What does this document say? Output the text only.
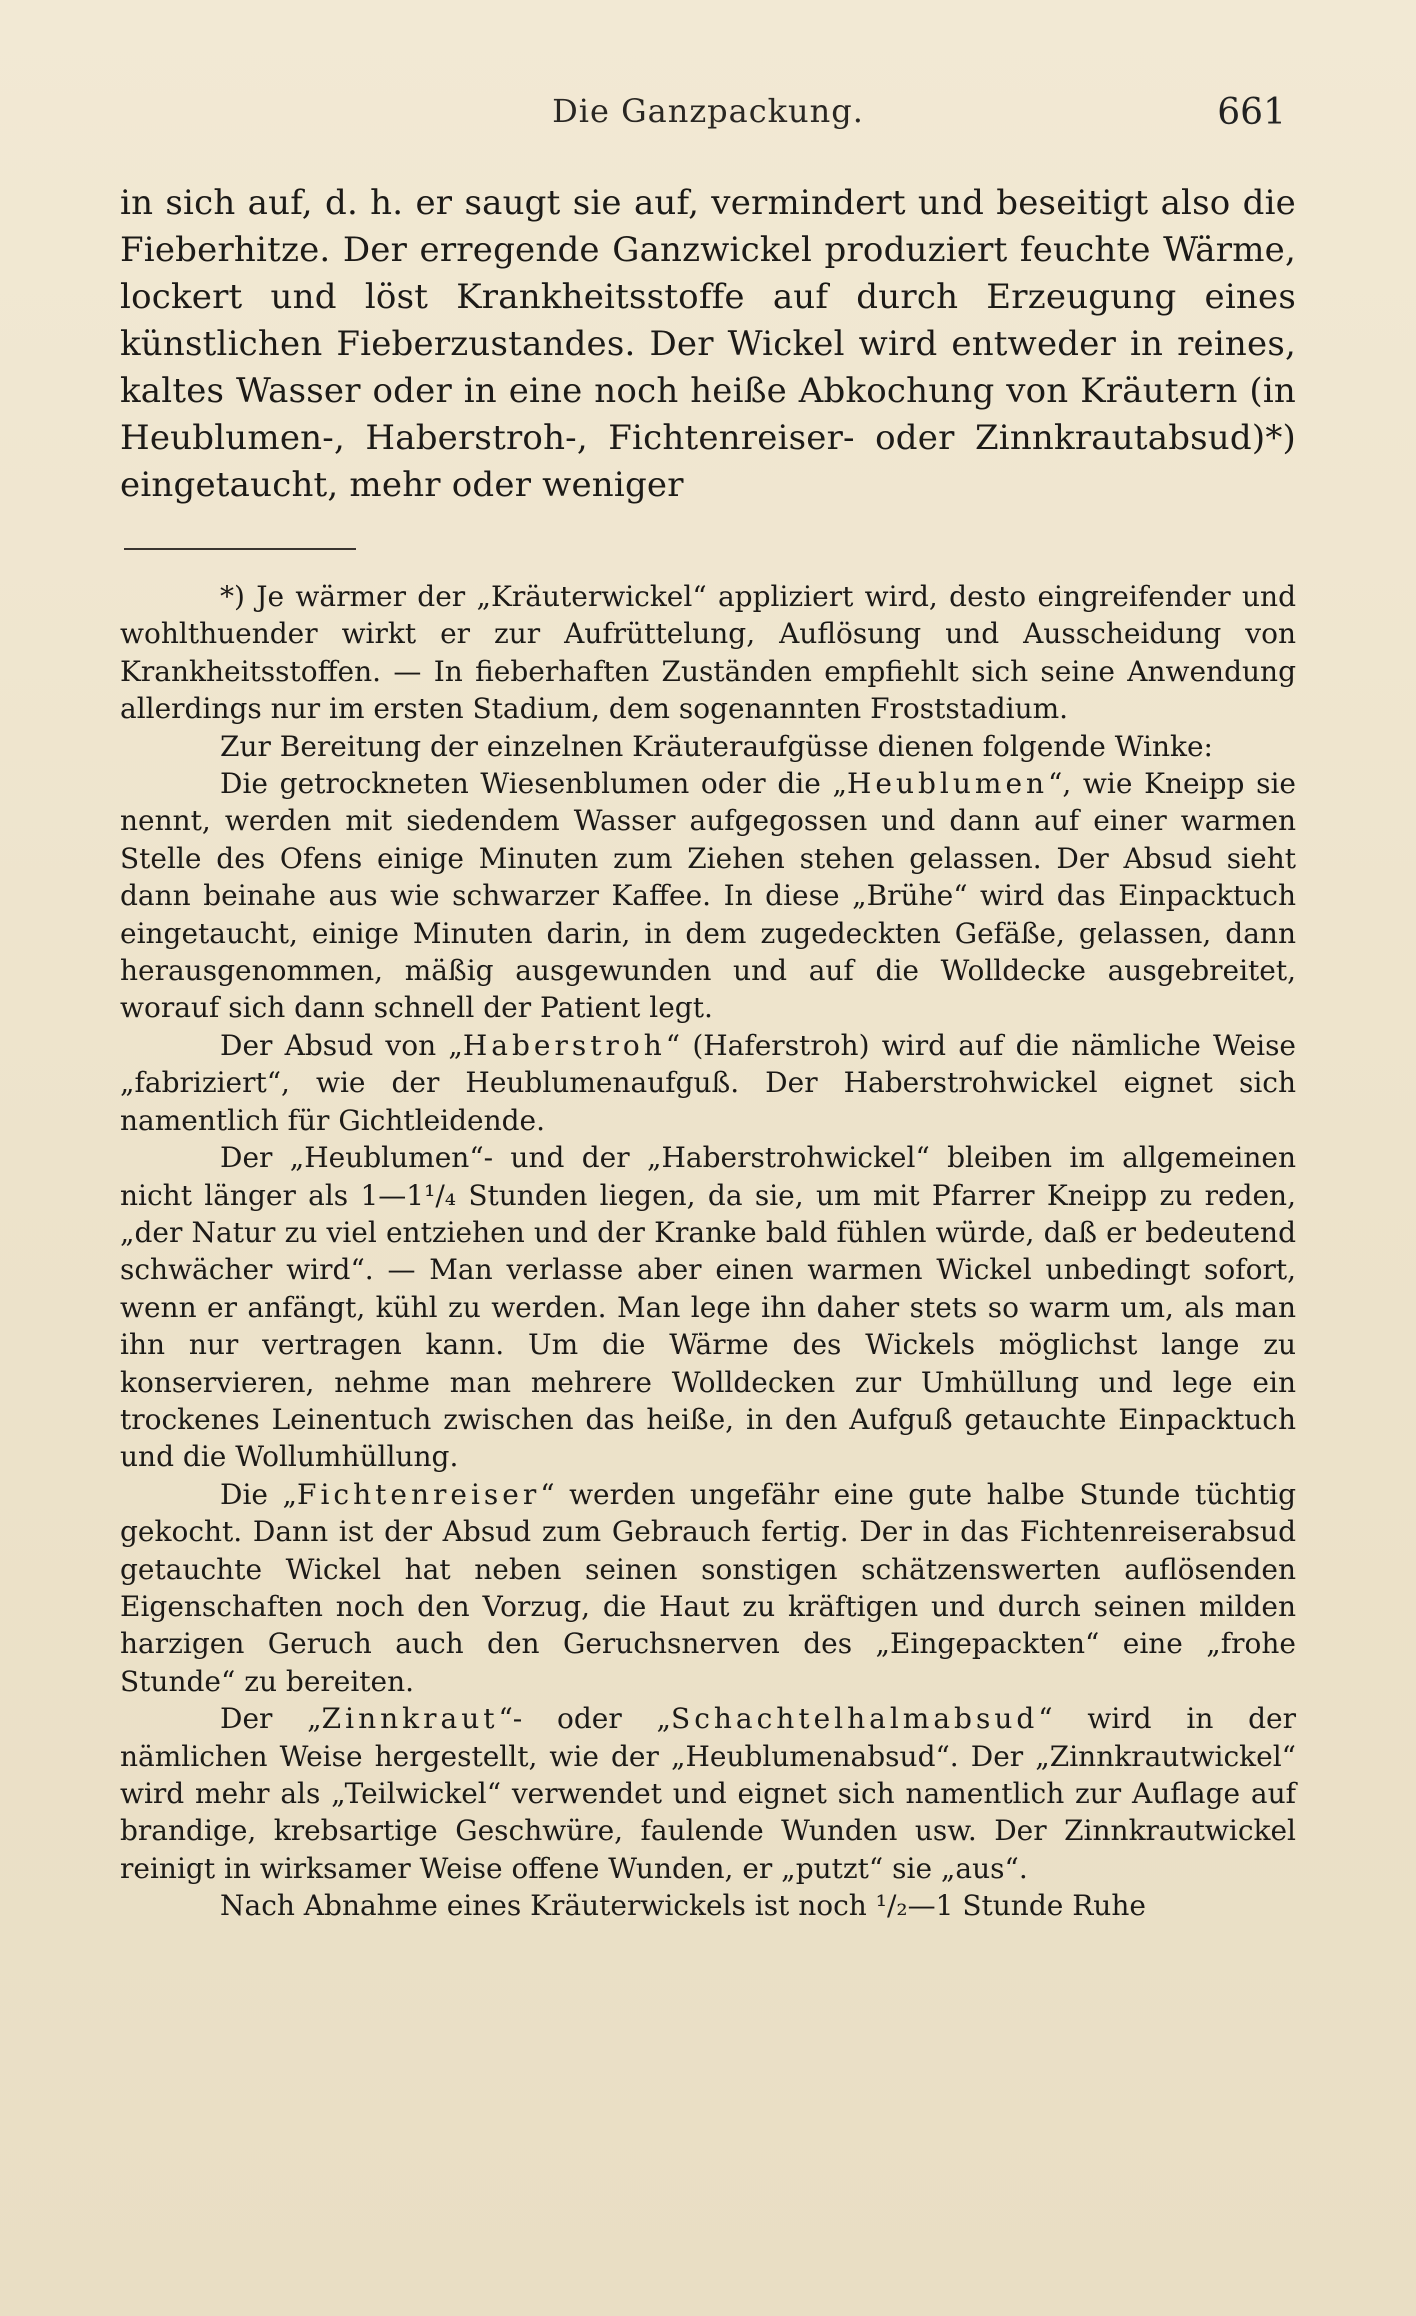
Die Ganzpackung.	661

in sich auf, d. h. er saugt sie auf, vermindert und beseitigt also die Fieberhitze. Der erregende Ganzwickel produziert feuchte Wärme, lockert und löst Krankheitsstoffe auf durch Erzeugung eines künstlichen Fieberzustandes. Der Wickel wird entweder in reines, kaltes Wasser oder in eine noch heiße Abkochung von Kräutern (in Heublumen-, Haberstroh-, Fichtenreiser- oder Zinnkrautabsud)*) eingetaucht, mehr oder weniger

*) Je wärmer der „Kräuterwickel“ appliziert wird, desto eingreifender und wohlthuender wirkt er zur Aufrüttelung, Auflösung und Ausscheidung von Krankheitsstoffen. — In fieberhaften Zuständen empfiehlt sich seine Anwendung allerdings nur im ersten Stadium, dem sogenannten Froststadium.

Zur Bereitung der einzelnen Kräuteraufgüsse dienen folgende Winke:

Die getrockneten Wiesenblumen oder die „Heublumen“, wie Kneipp sie nennt, werden mit siedendem Wasser aufgegossen und dann auf einer warmen Stelle des Ofens einige Minuten zum Ziehen stehen gelassen. Der Absud sieht dann beinahe aus wie schwarzer Kaffee. In diese „Brühe“ wird das Einpacktuch eingetaucht, einige Minuten darin, in dem zugedeckten Gefäße, gelassen, dann herausgenommen, mäßig ausgewunden und auf die Wolldecke ausgebreitet, worauf sich dann schnell der Patient legt.

Der Absud von „Haberstroh“ (Haferstroh) wird auf die nämliche Weise „fabriziert“, wie der Heublumenaufguß. Der Haberstrohwickel eignet sich namentlich für Gichtleidende.

Der „Heublumen“- und der „Haberstrohwickel“ bleiben im allgemeinen nicht länger als 1—1¹/₄ Stunden liegen, da sie, um mit Pfarrer Kneipp zu reden, „der Natur zu viel entziehen und der Kranke bald fühlen würde, daß er bedeutend schwächer wird“. — Man verlasse aber einen warmen Wickel unbedingt sofort, wenn er anfängt, kühl zu werden. Man lege ihn daher stets so warm um, als man ihn nur vertragen kann. Um die Wärme des Wickels möglichst lange zu konservieren, nehme man mehrere Wolldecken zur Umhüllung und lege ein trockenes Leinentuch zwischen das heiße, in den Aufguß getauchte Einpacktuch und die Wollumhüllung.

Die „Fichtenreiser“ werden ungefähr eine gute halbe Stunde tüchtig gekocht. Dann ist der Absud zum Gebrauch fertig. Der in das Fichtenreiserabsud getauchte Wickel hat neben seinen sonstigen schätzenswerten auflösenden Eigenschaften noch den Vorzug, die Haut zu kräftigen und durch seinen milden harzigen Geruch auch den Geruchsnerven des „Eingepackten“ eine „frohe Stunde“ zu bereiten.

Der „Zinnkraut“- oder „Schachtelhalmabsud“ wird in der nämlichen Weise hergestellt, wie der „Heublumenabsud“. Der „Zinnkrautwickel“ wird mehr als „Teilwickel“ verwendet und eignet sich namentlich zur Auflage auf brandige, krebsartige Geschwüre, faulende Wunden usw. Der Zinnkrautwickel reinigt in wirksamer Weise offene Wunden, er „putzt“ sie „aus“.

Nach Abnahme eines Kräuterwickels ist noch ¹/₂—1 Stunde Ruhe
